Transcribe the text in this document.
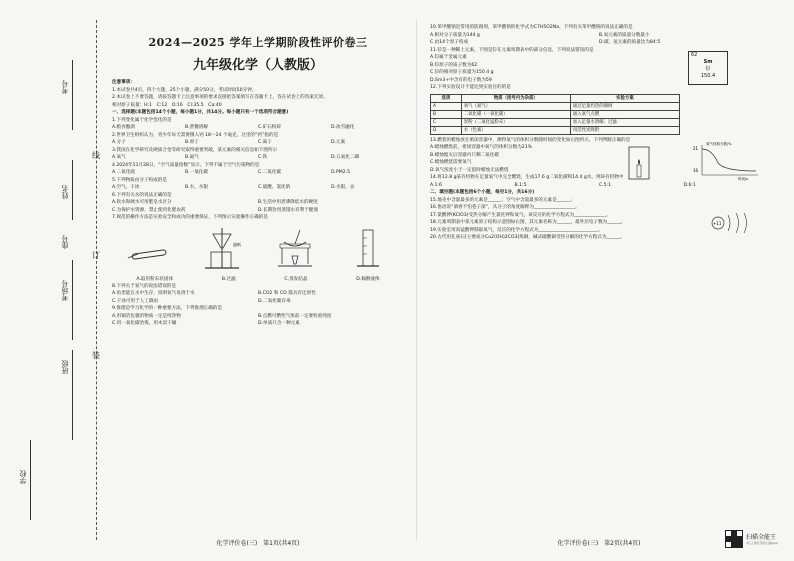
学校
班级
考场号
姓名
考号
座号
线
订
装
2024—2025 学年上学期阶段性评价卷三
九年级化学（人教版）
注意事项：
1.本试卷共4页，四个大题，25个小题，满分50分，考试时间50分钟。
2.本试卷上不要答题，请按答题卡上注意事项的要求直接把答案填写在答题卡上，答在试卷上的答案无效。
相对原子质量：H:1　C:12　O:16　Cl:35.5　Ca:40
一、选择题(本题包括14个小题，每小题1分，共14分。每小题只有一个选项符合题意)
1.下列变化属于化学变化的是
A.粮食酿酒	B.蔗糖溶解	C.矿石粉碎	D.冰雪融化
2.世界卫生组织认为，青少年每天需要摄入钙 18～24 个毫克，这里的“钙”指的是
A.分子	B.原子	C.离子	D.元素
3.我国在化学研究及硬质合金等研究取得重要突破，某元素的相关信息如下图所示
A.氧气	B.氮气	C.铁	D.五氧化二磷
4.2024年11月28日，“空气质量指数”显示，下列不属于空气污染物的是
A.二氧化硫	B.一氧化碳	C.二氧化碳	D.PM2.5
5.下列物质由分子构成的是
A.空气、干冰	B.水、水银	C.硫酸、氯化钠	D.水银、汞
6.下列有关水的说法正确的是
A.软水和硬水可用肥皂水区分	B.生活中用煮沸降低水的硬度
C.为保护水资源，禁止使用化肥农药	D.长期饮用蒸馏水有利于健康
7.规范的操作方法是实验安全和成功的重要保证，下列图示实验操作正确的是
滤纸
A.取用粉末状固体	B.过滤	C.蒸发结晶	D.倾倒液体
8.下列关于氧气的说法错误的是
A.鱼类能在水中生存，说明氧气易溶于水	B.CO2 和 CO 都具有还原性
C.干冰可用于人工降雨	D.二氧化碳有毒
9.推理是学习化学的一种重要方法，下列推理正确的是
A.用锡箔包裹的物质一定是纯净物	B.点燃可燃性气体前一定要检验纯度
C.用一氧化碳冶炼，用木炭干燥	D.单质只含一种元素
化学评价卷(三)　第1页(共4页)
10.苯甲酸钠是常用的防腐剂，苯甲酸钠的化学式为C7H5O2Na，下列有关苯甲酸钠的说法正确的是
A.相对分子质量为144 g	B.氧元素的质量分数最小
C.由14个原子构成	D.碳、氢元素的质量比为84:5
11.钐是一种稀土元素，下图是钐在元素周期表中的部分信息，下列说法错误的是
A.钐属于金属元素
B.钐原子的质子数为62
C.钐的相对原子质量为150.4 g
D.Sm3+中含有的电子数为59
62
Sm
钐
150.4
12.下列实验设计不能达到实验目的的是
选项	物质（括号内为杂质）	实验方案
A	氧气（氮气）	通过足量灼热的铜网
B	二氧化碳（一氧化碳）	通入氧气点燃
C	炭粉（二氧化锰粉末）	加入足量水溶解、过滤
D	水（色素）	用活性炭吸附
13.燃着的蜡烛放在密闭容器中，测得氧气的体积分数随时间的变化如右图所示，下列判断正确的是
A.蜡烛燃烧前，密闭容器中氧气的体积分数为21%
B.蜡烛熄灭后容器内只剩二氧化碳
C.蜡烛燃烧需要氧气
D.氧气浓度小于一定值时蜡烛无法燃烧
21
16
氧气体积分数/%
时间/s
14.将12.8 g某有机物在足量氧气中完全燃烧，生成17.6 g二氧化碳和14.4 g水，则该有机物中
A.1:6	B.1:5	C.5:1	D.6:1
二、填空题(本题包括6个小题，每空1分，共16分)
15.地壳中含量最多的元素是______；空气中含量最多的元素是______；
16.俗语说“酒香不怕巷子深”，从分子的角度解释为__________________。
17.氯酸钾(KClO3)受热分解产生氯化钾和氧气，该反应的化学方程式为______________。
18.元素周期表中某元素原子结构示意图如右图，其元素名称为______，最外层电子数为______。
19.实验室用高锰酸钾制取氧气，反应的化学方程式为__________________________。
20.古代用孔雀石[主要成分Cu2(OH)2CO3]炼铜，碱式碳酸铜受热分解的化学方程式为______。
+11
化学评价卷(三)　第2页(共4页)
扫描全能王
3亿人都在用的扫描App
